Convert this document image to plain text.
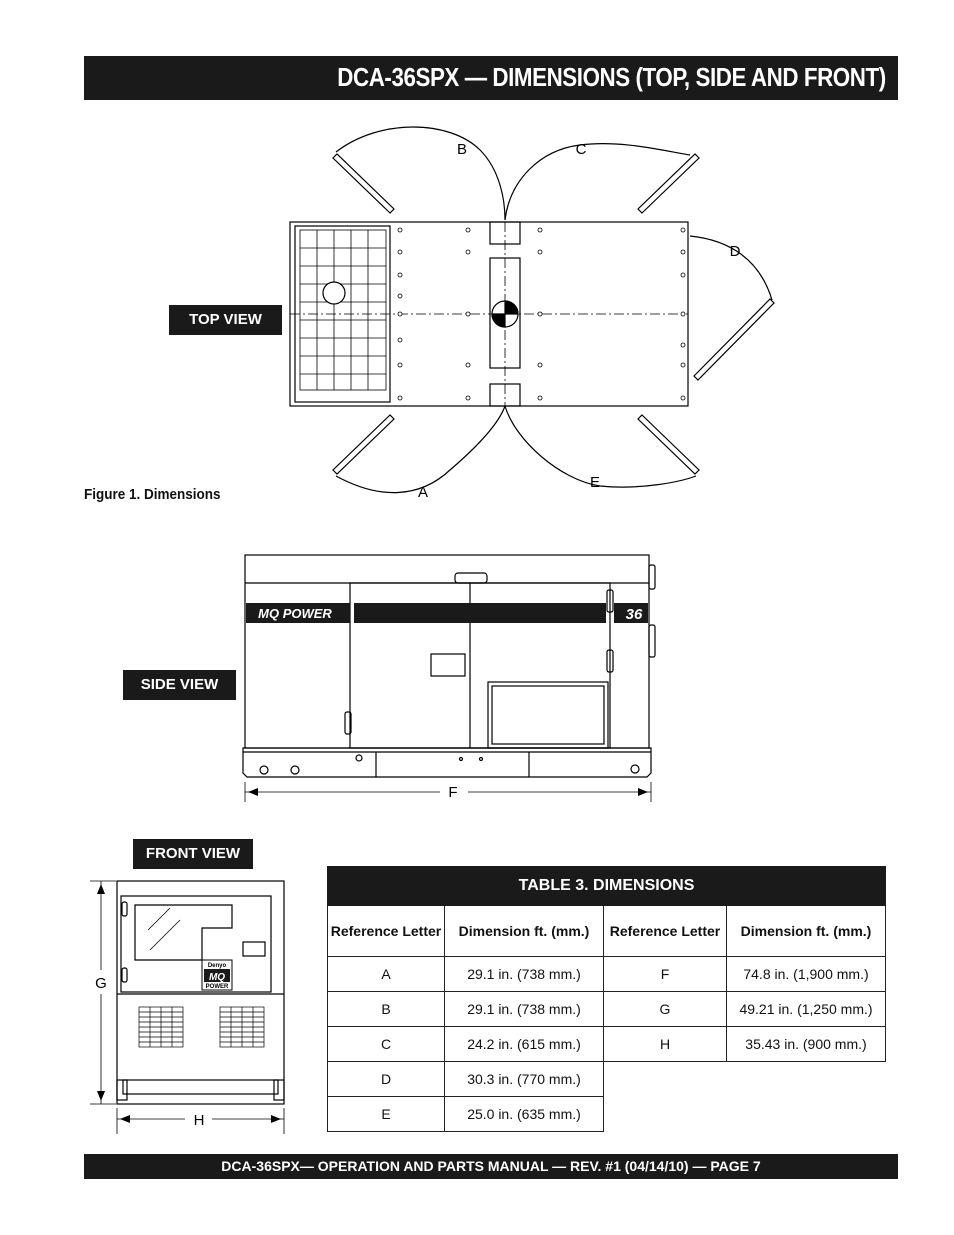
DCA-36SPX — DIMENSIONS (TOP, SIDE AND FRONT)
TOP VIEW
SIDE VIEW
FRONT VIEW
Figure 1. Dimensions
B	C
D
A
E
MQ POWER	36
F
Denyo
MQ
POWER
G
H
TABLE 3. DIMENSIONS			
Reference Letter	Dimension ft. (mm.)	Reference Letter	Dimension ft. (mm.)
A	29.1 in. (738 mm.)	F	74.8 in. (1,900 mm.)
B	29.1 in. (738 mm.)	G	49.21 in. (1,250 mm.)
C	24.2 in. (615 mm.)	H	35.43 in. (900 mm.)
D	30.3 in. (770 mm.)		
E	25.0 in. (635 mm.)		
DCA-36SPX— OPERATION AND PARTS MANUAL — REV. #1 (04/14/10) — PAGE 7
